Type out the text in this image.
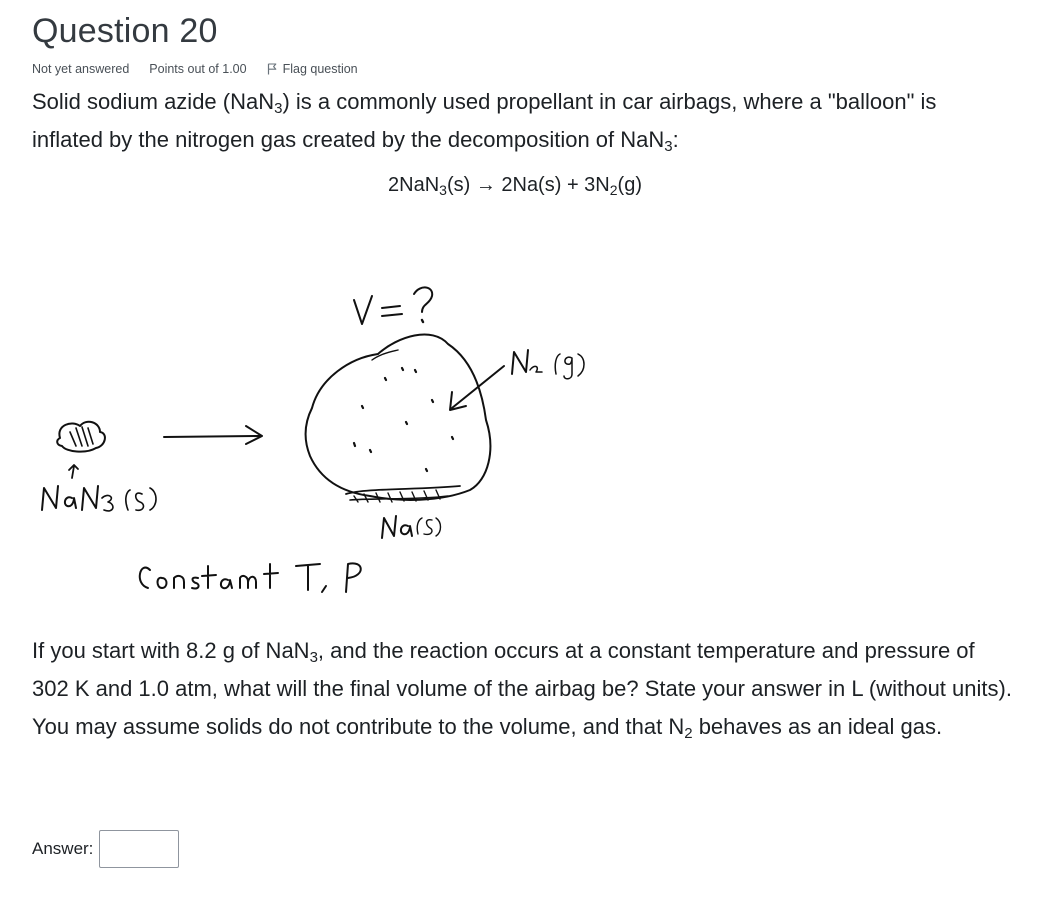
Question 20
Not yet answered Points out of 1.00	Flag question
Solid sodium azide (NaN$_3$) is a commonly used propellant in car airbags, where a "balloon" is inflated by the nitrogen gas created by the decomposition of NaN$_3$:
$2NaN_3(s) \to 2Na(s) + 3N_2(g)$
If you start with 8.2 g of NaN$_3$, and the reaction occurs at a constant temperature and pressure of 302 K and 1.0 atm, what will the final volume of the airbag be? State your answer in L (without units). You may assume solids do not contribute to the volume, and that $N_2$ behaves as an ideal gas.
Answer:
